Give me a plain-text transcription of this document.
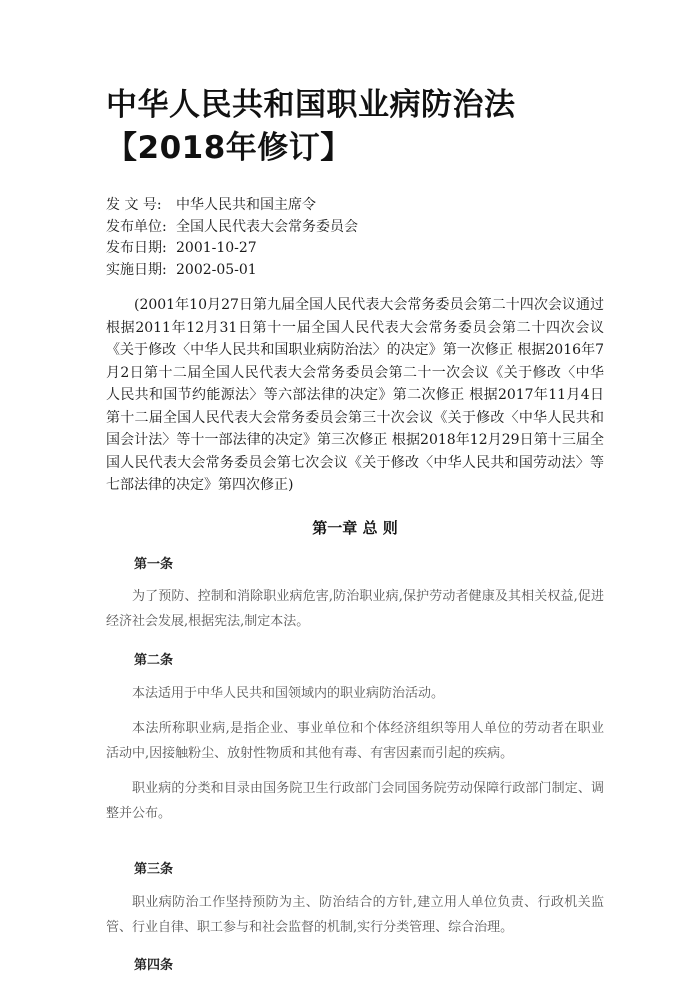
中华人民共和国职业病防治法【2018年修订】
发 文 号: 中华人民共和国主席令
发布单位: 全国人民代表大会常务委员会
发布日期: 2001-10-27
实施日期: 2002-05-01

(2001年10月27日第九届全国人民代表大会常务委员会第二十四次会议通过 根据2011年12月31日第十一届全国人民代表大会常务委员会第二十四次会议《关于修改〈中华人民共和国职业病防治法〉的决定》第一次修正 根据2016年7月2日第十二届全国人民代表大会常务委员会第二十一次会议《关于修改〈中华人民共和国节约能源法〉等六部法律的决定》第二次修正 根据2017年11月4日第十二届全国人民代表大会常务委员会第三十次会议《关于修改〈中华人民共和国会计法〉等十一部法律的决定》第三次修正 根据2018年12月29日第十三届全国人民代表大会常务委员会第七次会议《关于修改〈中华人民共和国劳动法〉等七部法律的决定》第四次修正)

第一章 总 则
第一条

为了预防、控制和消除职业病危害,防治职业病,保护劳动者健康及其相关权益,促进经济社会发展,根据宪法,制定本法。

第二条

本法适用于中华人民共和国领域内的职业病防治活动。

本法所称职业病,是指企业、事业单位和个体经济组织等用人单位的劳动者在职业活动中,因接触粉尘、放射性物质和其他有毒、有害因素而引起的疾病。

职业病的分类和目录由国务院卫生行政部门会同国务院劳动保障行政部门制定、调整并公布。

第三条

职业病防治工作坚持预防为主、防治结合的方针,建立用人单位负责、行政机关监管、行业自律、职工参与和社会监督的机制,实行分类管理、综合治理。

第四条
